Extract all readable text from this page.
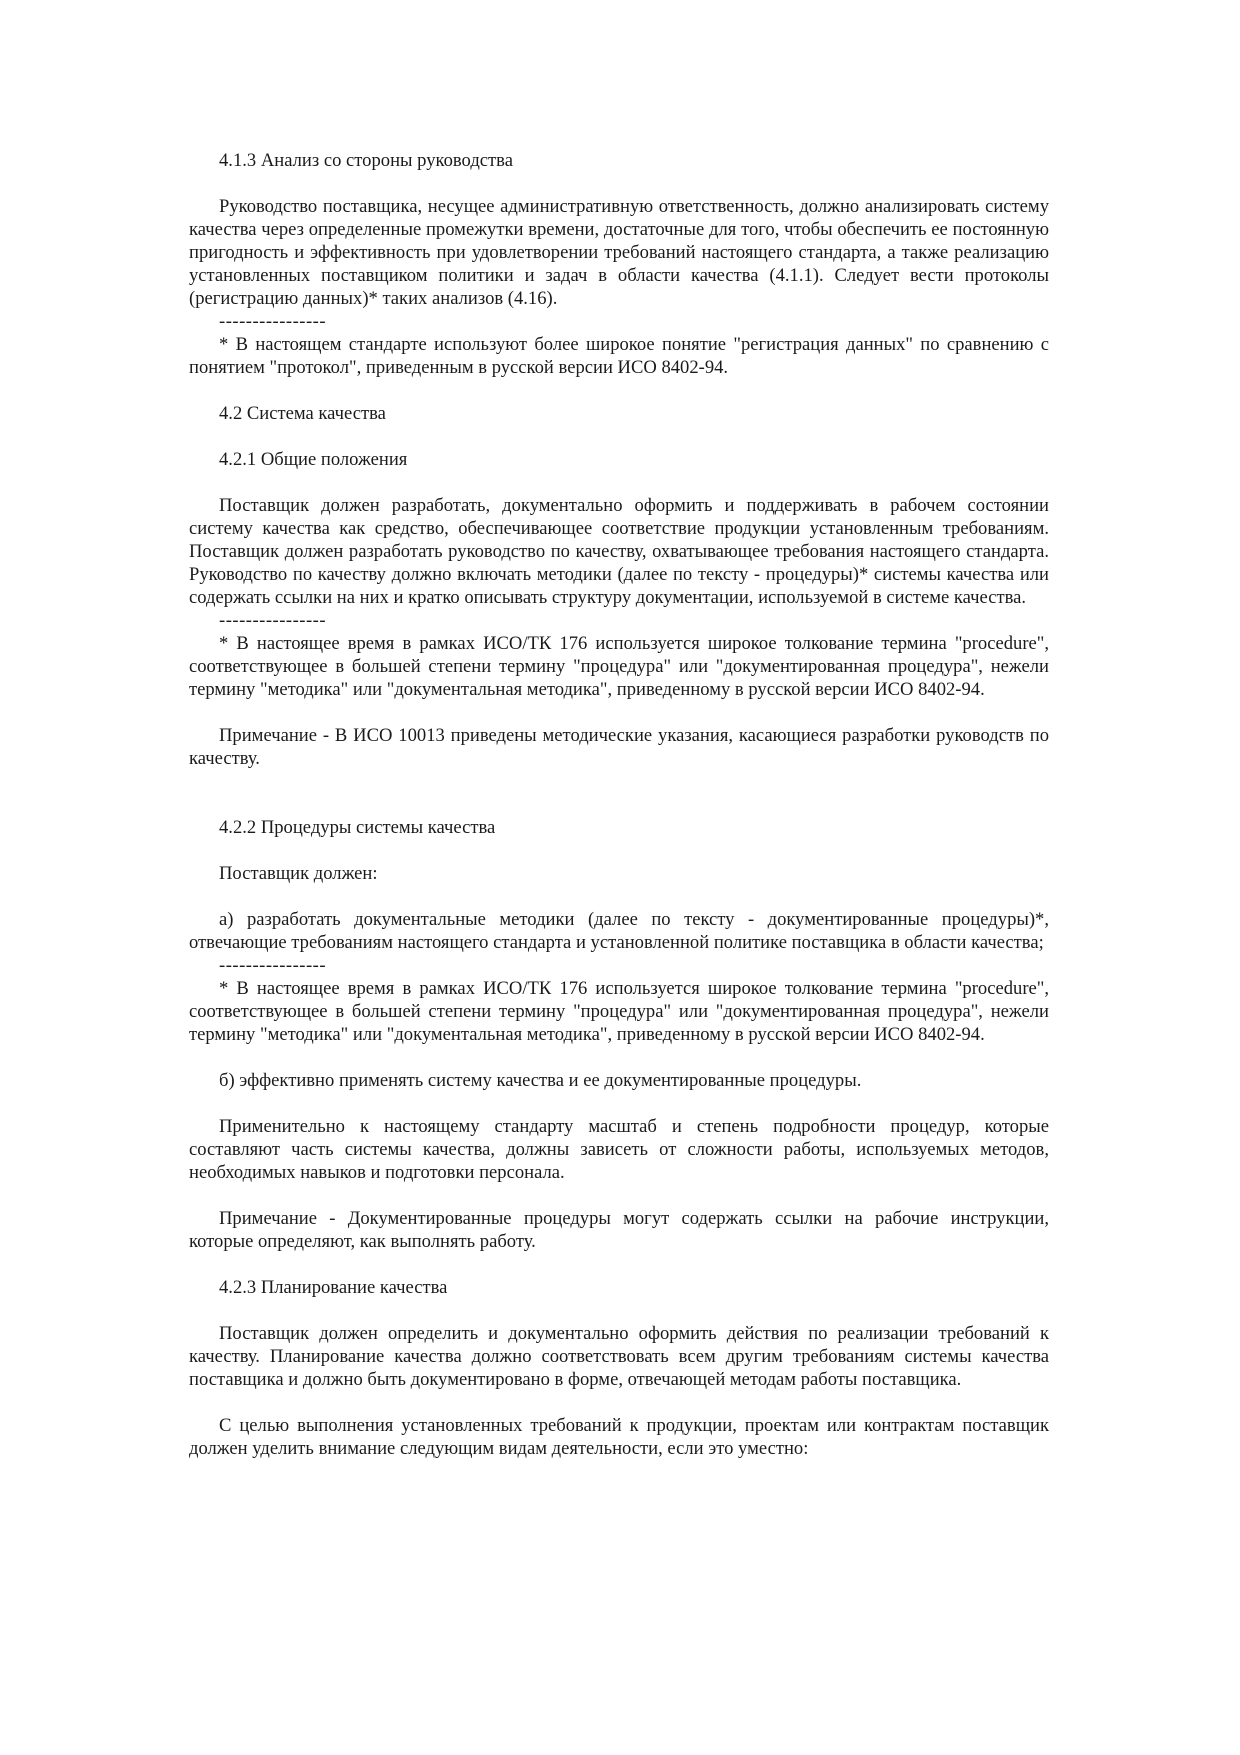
4.1.3 Анализ со стороны руководства

Руководство поставщика, несущее административную ответственность, должно анализировать систему качества через определенные промежутки времени, достаточные для того, чтобы обеспечить ее постоянную пригодность и эффективность при удовлетворении требований настоящего стандарта, а также реализацию установленных поставщиком политики и задач в области качества (4.1.1). Следует вести протоколы (регистрацию данных)* таких анализов (4.16).

----------------

* В настоящем стандарте используют более широкое понятие "регистрация данных" по сравнению с понятием "протокол", приведенным в русской версии ИСО 8402-94.

4.2 Система качества

4.2.1 Общие положения

Поставщик должен разработать, документально оформить и поддерживать в рабочем состоянии систему качества как средство, обеспечивающее соответствие продукции установленным требованиям. Поставщик должен разработать руководство по качеству, охватывающее требования настоящего стандарта. Руководство по качеству должно включать методики (далее по тексту - процедуры)* системы качества или содержать ссылки на них и кратко описывать структуру документации, используемой в системе качества.

----------------

* В настоящее время в рамках ИСО/ТК 176 используется широкое толкование термина "procedure", соответствующее в большей степени термину "процедура" или "документированная процедура", нежели термину "методика" или "документальная методика", приведенному в русской версии ИСО 8402-94.

Примечание - В ИСО 10013 приведены методические указания, касающиеся разработки руководств по качеству.

4.2.2 Процедуры системы качества

Поставщик должен:

а) разработать документальные методики (далее по тексту - документированные процедуры)*, отвечающие требованиям настоящего стандарта и установленной политике поставщика в области качества;

----------------

* В настоящее время в рамках ИСО/ТК 176 используется широкое толкование термина "procedure", соответствующее в большей степени термину "процедура" или "документированная процедура", нежели термину "методика" или "документальная методика", приведенному в русской версии ИСО 8402-94.

б) эффективно применять систему качества и ее документированные процедуры.

Применительно к настоящему стандарту масштаб и степень подробности процедур, которые составляют часть системы качества, должны зависеть от сложности работы, используемых методов, необходимых навыков и подготовки персонала.

Примечание - Документированные процедуры могут содержать ссылки на рабочие инструкции, которые определяют, как выполнять работу.

4.2.3 Планирование качества

Поставщик должен определить и документально оформить действия по реализации требований к качеству. Планирование качества должно соответствовать всем другим требованиям системы качества поставщика и должно быть документировано в форме, отвечающей методам работы поставщика.

С целью выполнения установленных требований к продукции, проектам или контрактам поставщик должен уделить внимание следующим видам деятельности, если это уместно:
